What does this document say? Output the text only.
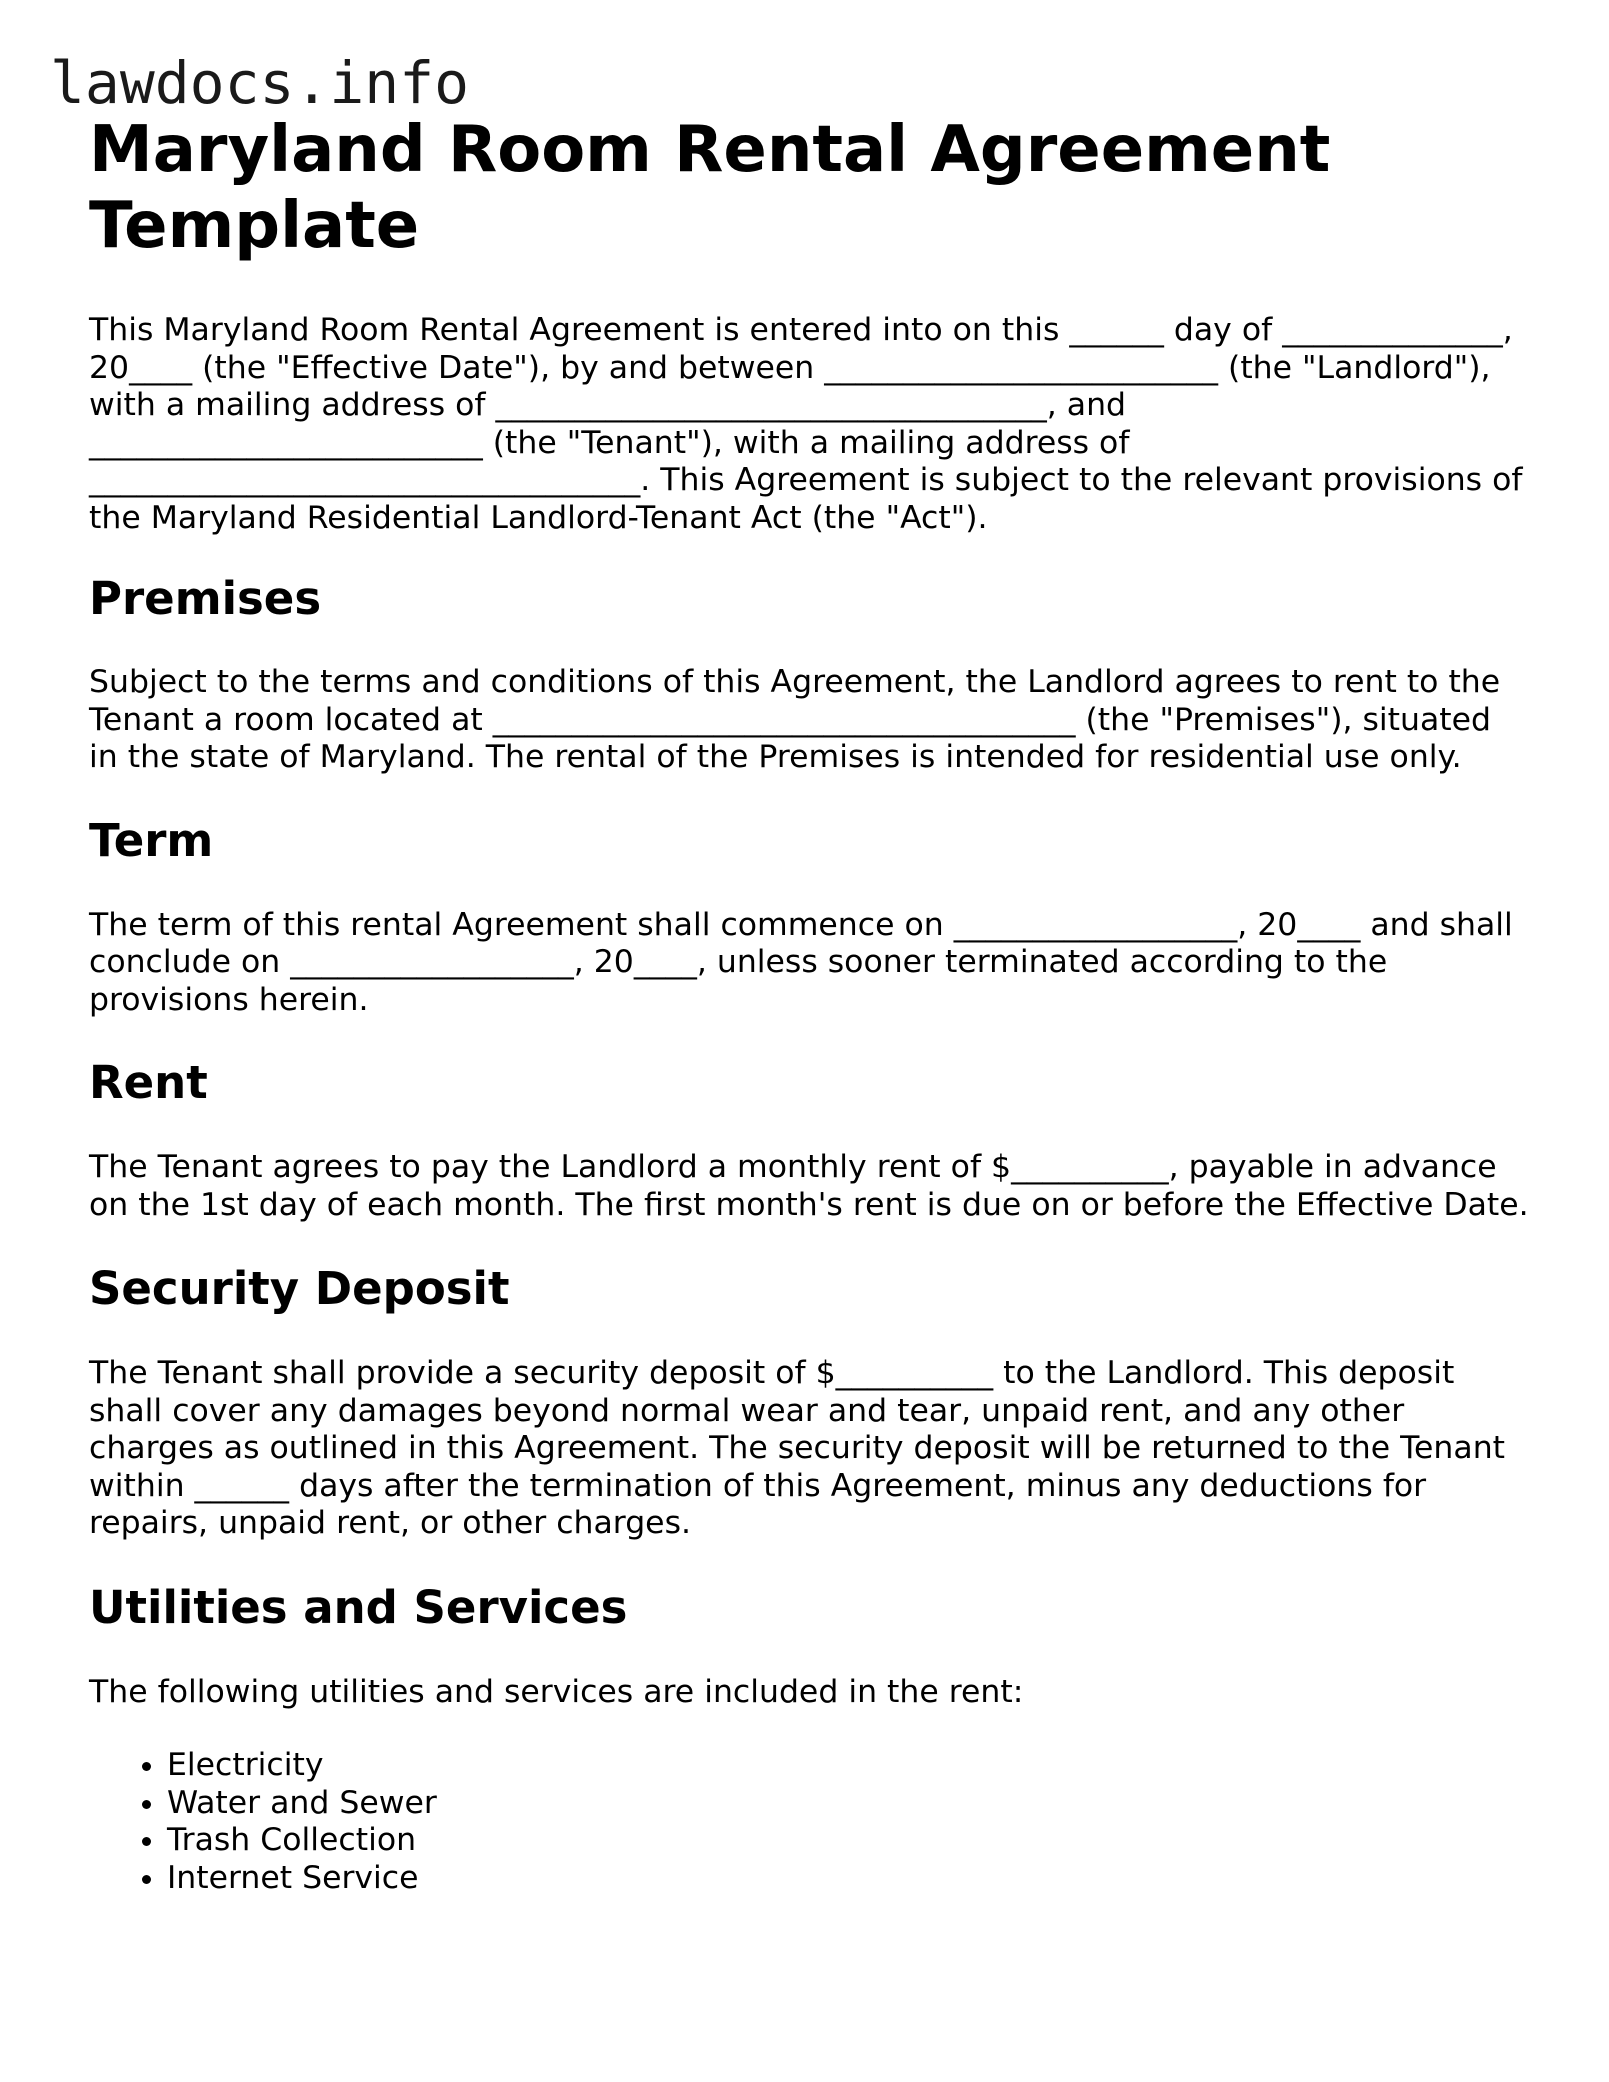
lawdocs.info
Maryland Room Rental Agreement Template

This Maryland Room Rental Agreement is entered into on this ______ day of ______________, 20____ (the "Effective Date"), by and between _________________________ (the "Landlord"), with a mailing address of ___________________________________, and _________________________ (the "Tenant"), with a mailing address of ___________________________________. This Agreement is subject to the relevant provisions of the Maryland Residential Landlord-Tenant Act (the "Act").

Premises

Subject to the terms and conditions of this Agreement, the Landlord agrees to rent to the Tenant a room located at _____________________________________ (the "Premises"), situated in the state of Maryland. The rental of the Premises is intended for residential use only.

Term

The term of this rental Agreement shall commence on __________________, 20____ and shall conclude on __________________, 20____, unless sooner terminated according to the provisions herein.

Rent

The Tenant agrees to pay the Landlord a monthly rent of $__________, payable in advance on the 1st day of each month. The first month's rent is due on or before the Effective Date.

Security Deposit

The Tenant shall provide a security deposit of $__________ to the Landlord. This deposit shall cover any damages beyond normal wear and tear, unpaid rent, and any other charges as outlined in this Agreement. The security deposit will be returned to the Tenant within ______ days after the termination of this Agreement, minus any deductions for repairs, unpaid rent, or other charges.

Utilities and Services

The following utilities and services are included in the rent:

• Electricity
• Water and Sewer
• Trash Collection
• Internet Service
